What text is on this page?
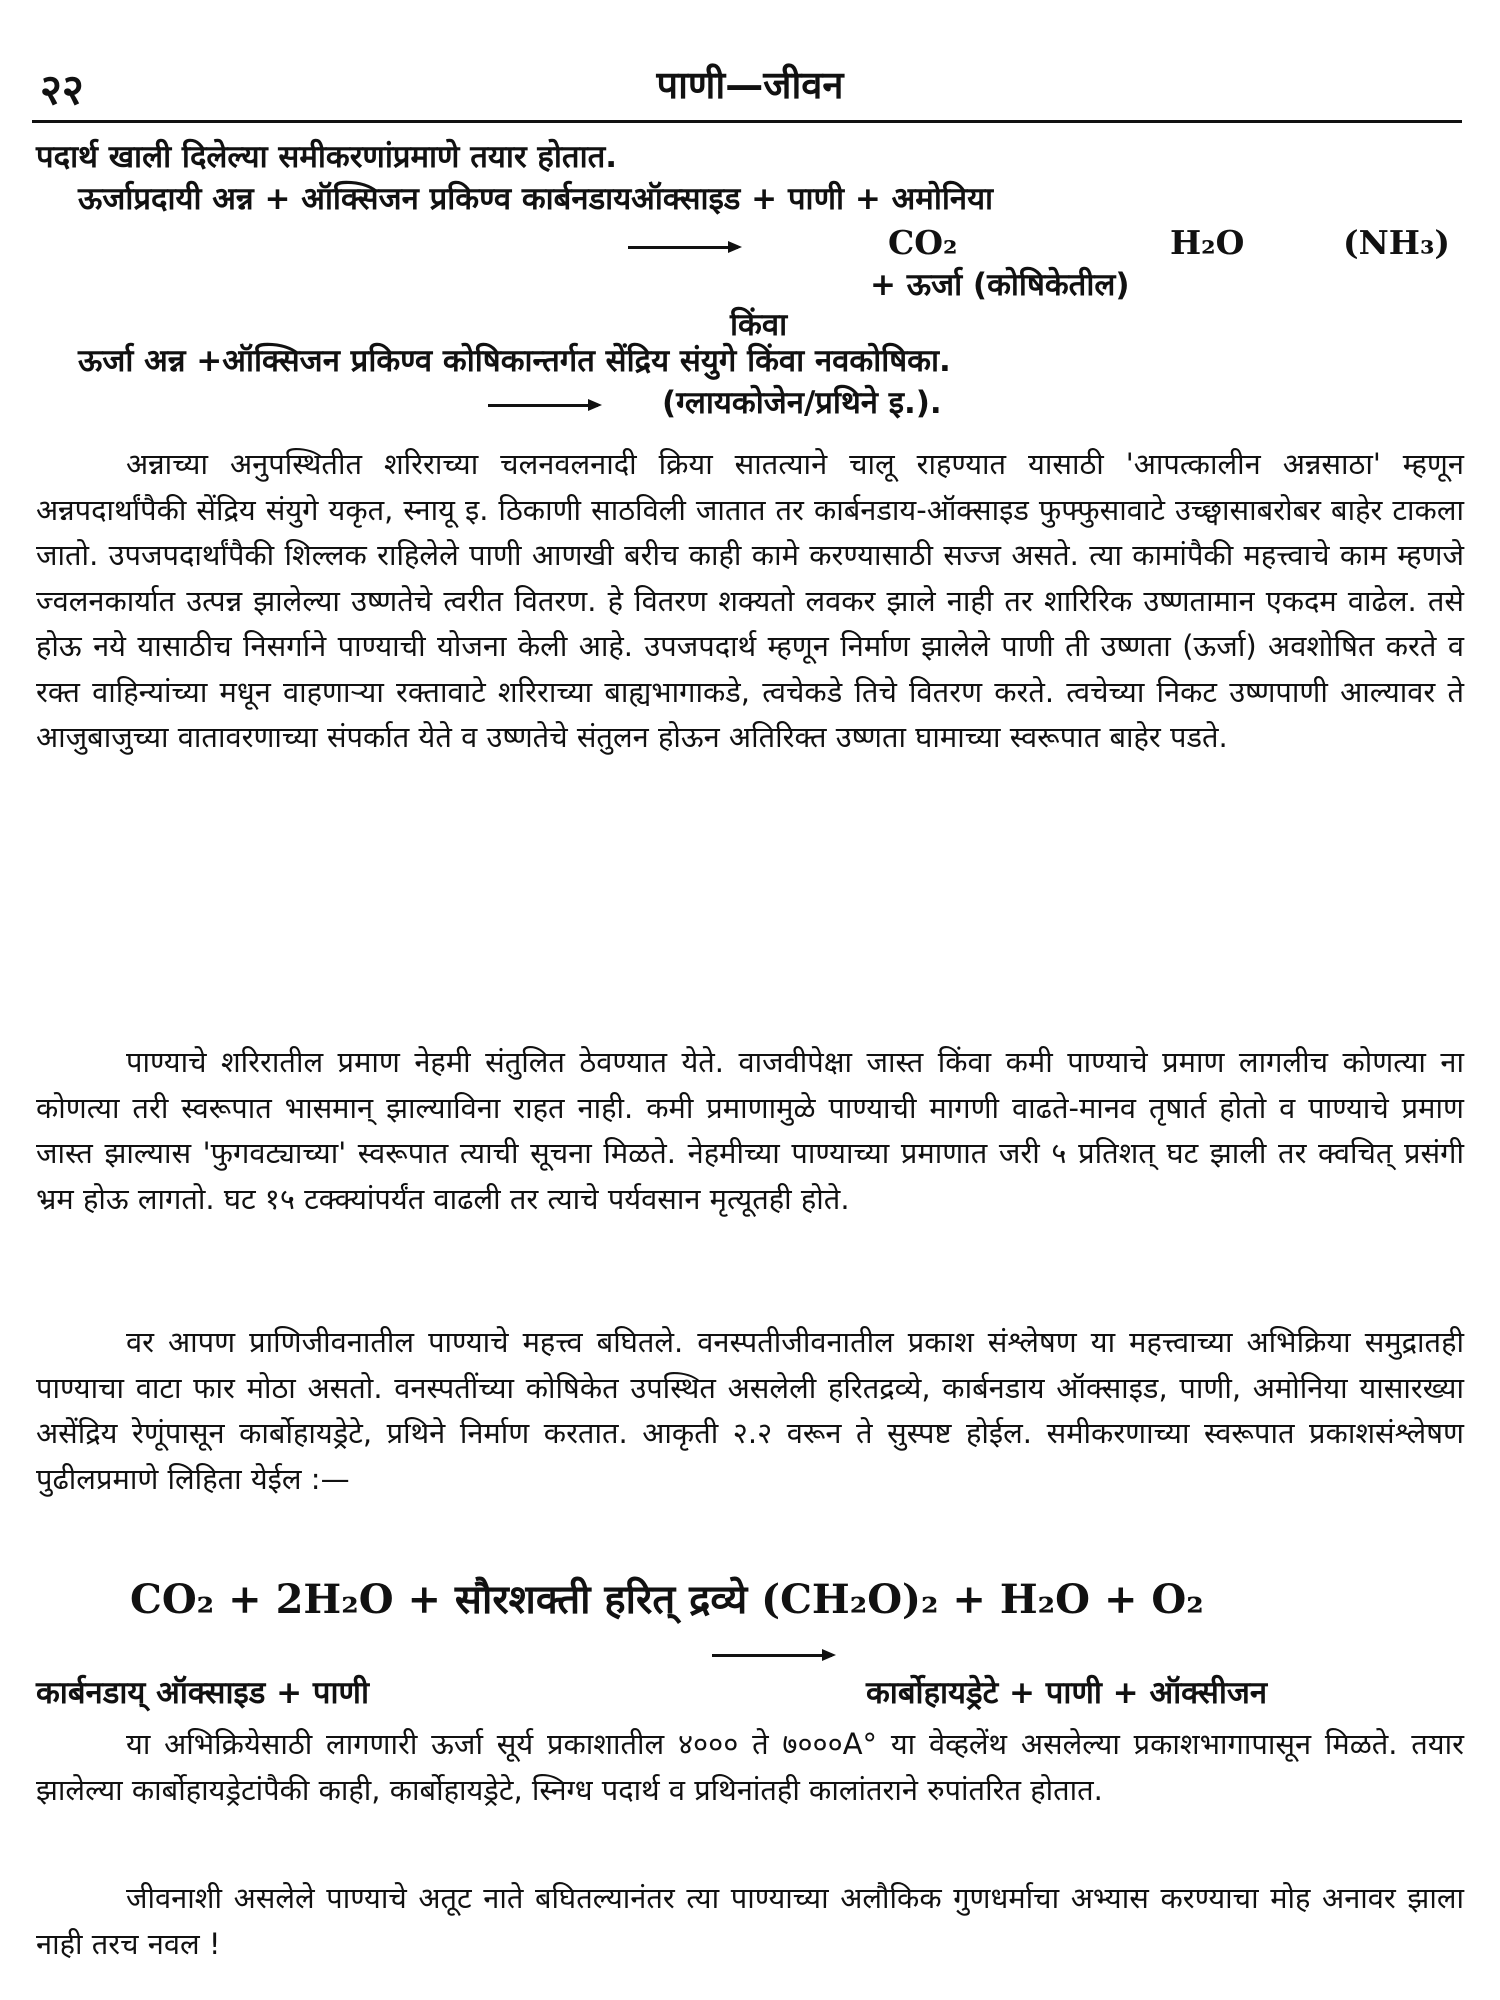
२२	पाणी—जीवन
पदार्थ खाली दिलेल्या समीकरणांप्रमाणे तयार होतात.
ऊर्जाप्रदायी अन्न + ऑक्सिजन प्रकिण्व कार्बनडायऑक्साइड + पाणी + अमोनिया
CO₂	H₂O	(NH₃)
+ ऊर्जा (कोषिकेतील)
किंवा
ऊर्जा अन्न +ऑक्सिजन प्रकिण्व कोषिकान्तर्गत सेंद्रिय संयुगे किंवा नवकोषिका.
(ग्लायकोजेन/प्रथिने इ.).
अन्नाच्या अनुपस्थितीत शरिराच्या चलनवलनादी क्रिया सातत्याने चालू राहण्यात यासाठी 'आपत्कालीन अन्नसाठा' म्हणून अन्नपदार्थांपैकी सेंद्रिय संयुगे यकृत, स्नायू इ. ठिकाणी साठविली जातात तर कार्बनडाय-ऑक्साइड फुफ्फुसावाटे उच्छ्वासाबरोबर बाहेर टाकला जातो. उपजपदार्थांपैकी शिल्लक राहिलेले पाणी आणखी बरीच काही कामे करण्यासाठी सज्ज असते. त्या कामांपैकी महत्त्वाचे काम म्हणजे ज्वलनकार्यात उत्पन्न झालेल्या उष्णतेचे त्वरीत वितरण. हे वितरण शक्यतो लवकर झाले नाही तर शारिरिक उष्णतामान एकदम वाढेल. तसे होऊ नये यासाठीच निसर्गाने पाण्याची योजना केली आहे. उपजपदार्थ म्हणून निर्माण झालेले पाणी ती उष्णता (ऊर्जा) अवशोषित करते व रक्त वाहिन्यांच्या मधून वाहणाऱ्या रक्तावाटे शरिराच्या बाह्यभागाकडे, त्वचेकडे तिचे वितरण करते. त्वचेच्या निकट उष्णपाणी आल्यावर ते आजुबाजुच्या वातावरणाच्या संपर्कात येते व उष्णतेचे संतुलन होऊन अतिरिक्त उष्णता घामाच्या स्वरूपात बाहेर पडते.
पाण्याचे शरिरातील प्रमाण नेहमी संतुलित ठेवण्यात येते. वाजवीपेक्षा जास्त किंवा कमी पाण्याचे प्रमाण लागलीच कोणत्या ना कोणत्या तरी स्वरूपात भासमान् झाल्याविना राहत नाही. कमी प्रमाणामुळे पाण्याची मागणी वाढते-मानव तृषार्त होतो व पाण्याचे प्रमाण जास्त झाल्यास 'फुगवट्याच्या' स्वरूपात त्याची सूचना मिळते. नेहमीच्या पाण्याच्या प्रमाणात जरी ५ प्रतिशत् घट झाली तर क्वचित् प्रसंगी भ्रम होऊ लागतो. घट १५ टक्क्यांपर्यंत वाढली तर त्याचे पर्यवसान मृत्यूतही होते.
वर आपण प्राणिजीवनातील पाण्याचे महत्त्व बघितले. वनस्पतीजीवनातील प्रकाश संश्लेषण या महत्त्वाच्या अभिक्रिया समुद्रातही पाण्याचा वाटा फार मोठा असतो. वनस्पतींच्या कोषिकेत उपस्थित असलेली हरितद्रव्ये, कार्बनडाय ऑक्साइड, पाणी, अमोनिया यासारख्या असेंद्रिय रेणूंपासून कार्बोहायड्रेटे, प्रथिने निर्माण करतात. आकृती २.२ वरून ते सुस्पष्ट होईल. समीकरणाच्या स्वरूपात प्रकाशसंश्लेषण पुढीलप्रमाणे लिहिता येईल :—
CO₂ + 2H₂O + सौरशक्ती हरित् द्रव्ये (CH₂O)₂ + H₂O + O₂
कार्बनडाय् ऑक्साइड + पाणी	कार्बोहायड्रेटे + पाणी + ऑक्सीजन
या अभिक्रियेसाठी लागणारी ऊर्जा सूर्य प्रकाशातील ४००० ते ७०००A° या वेव्हलेंथ असलेल्या प्रकाशभागापासून मिळते. तयार झालेल्या कार्बोहायड्रेटांपैकी काही, कार्बोहायड्रेटे, स्निग्ध पदार्थ व प्रथिनांतही कालांतराने रुपांतरित होतात.
जीवनाशी असलेले पाण्याचे अतूट नाते बघितल्यानंतर त्या पाण्याच्या अलौकिक गुणधर्माचा अभ्यास करण्याचा मोह अनावर झाला नाही तरच नवल !
